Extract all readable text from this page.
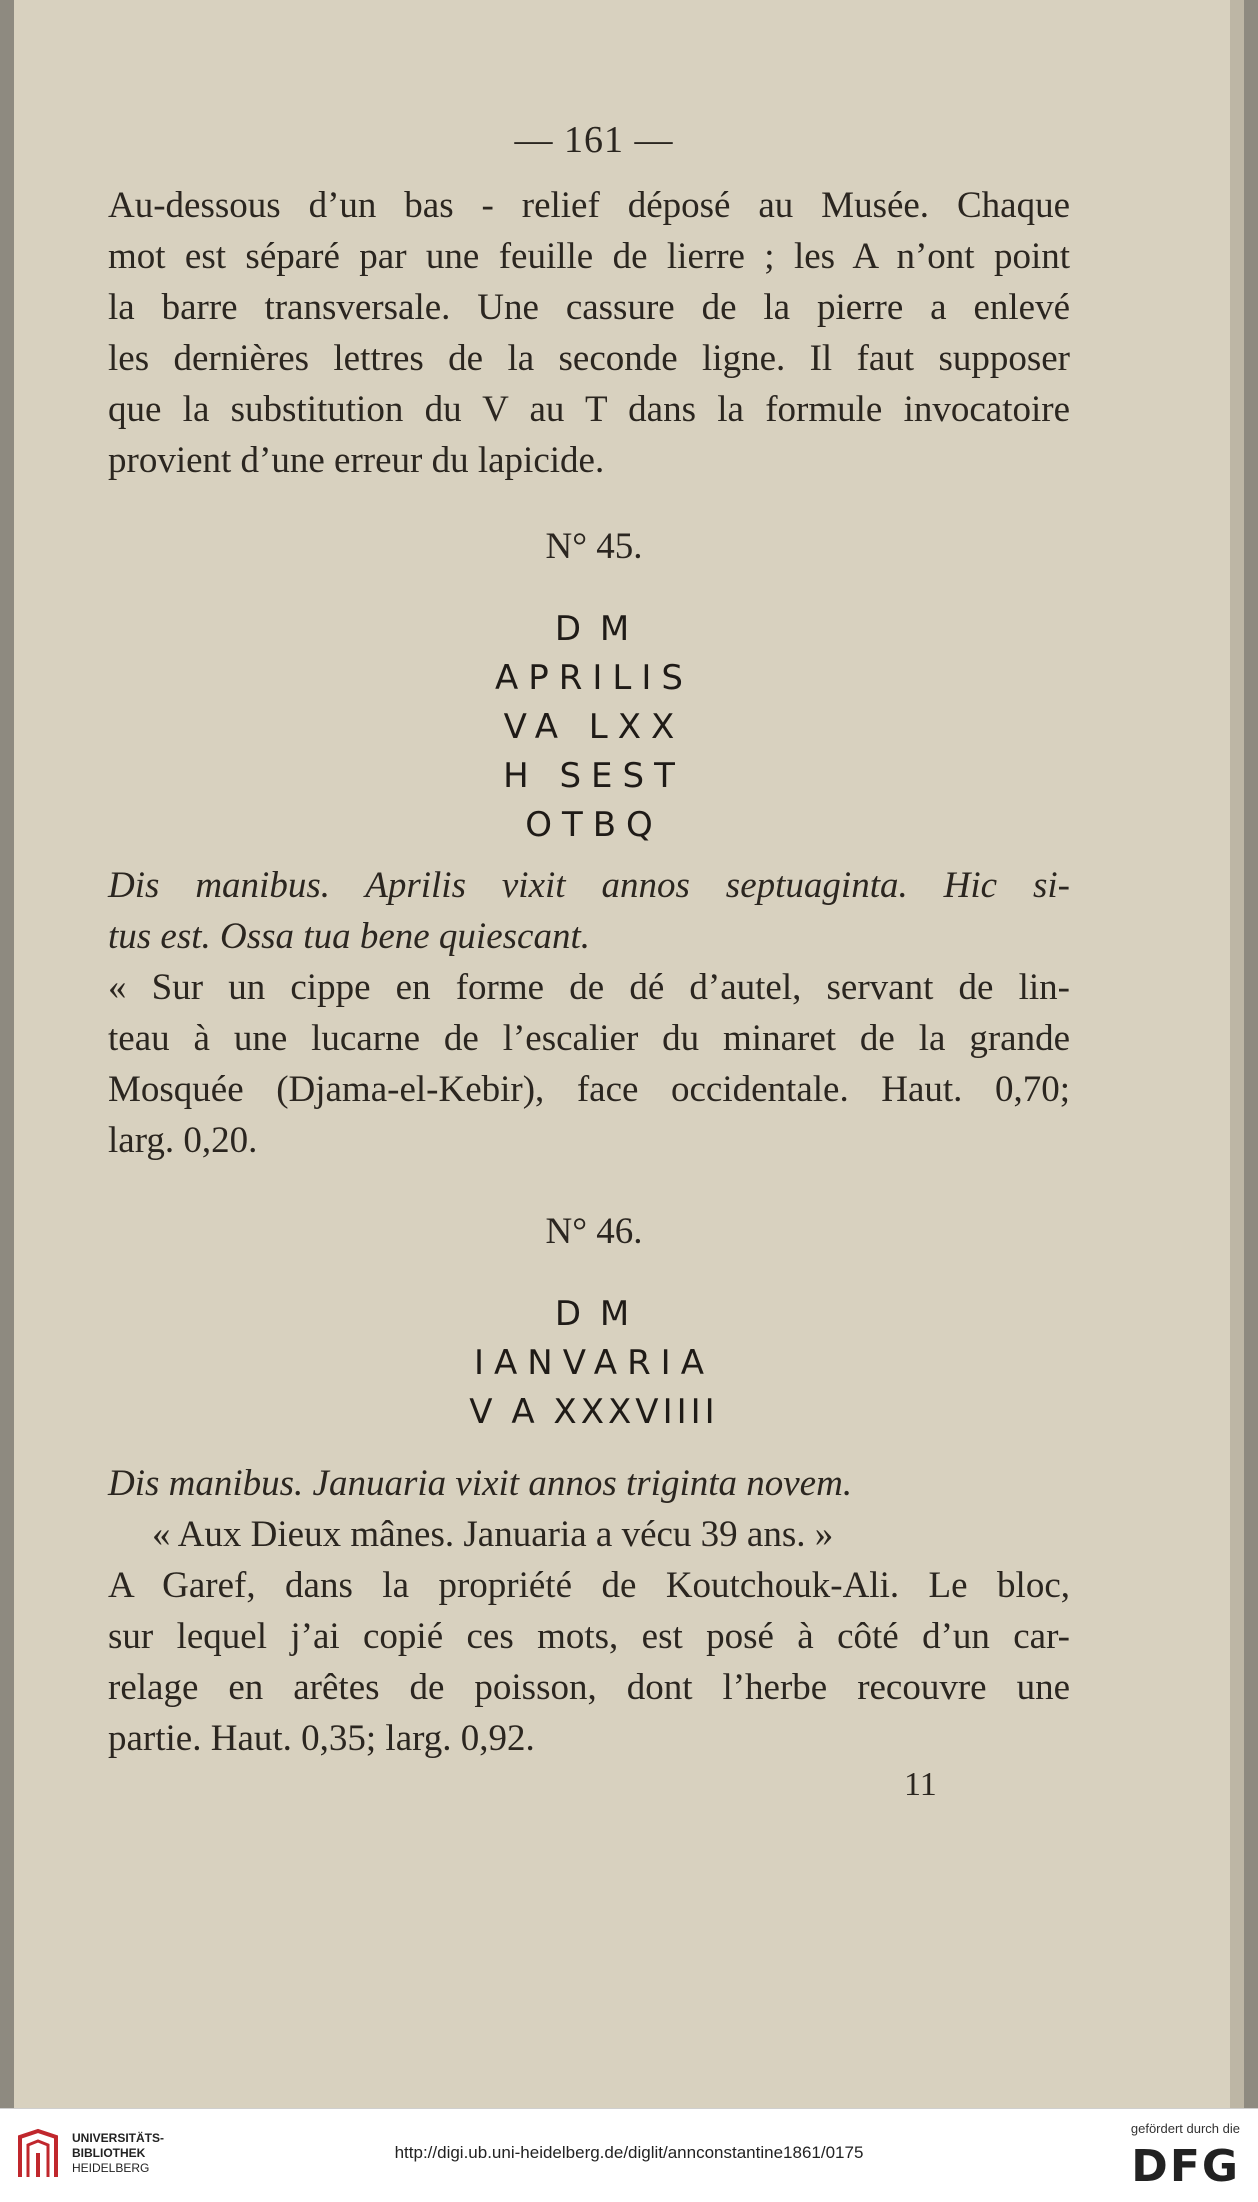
— 161 —

Au-dessous d’un bas - relief déposé au Musée. Chaque
mot est séparé par une feuille de lierre ; les A n’ont point
la barre transversale. Une cassure de la pierre a enlevé
les dernières lettres de la seconde ligne. Il faut supposer
que la substitution du V au T dans la formule invocatoire
provient d’une erreur du lapicide.

N° 45.

D M
APRILIS
VA LXX
H SEST
OTBQ

Dis manibus. Aprilis vixit annos septuaginta. Hic si-
tus est. Ossa tua bene quiescant.

« Sur un cippe en forme de dé d’autel, servant de lin-
teau à une lucarne de l’escalier du minaret de la grande
Mosquée (Djama-el-Kebir), face occidentale. Haut. 0,70;
larg. 0,20.

N° 46.

D M
IANVARIA
V A XXXVIIII

Dis manibus. Januaria vixit annos triginta novem.

« Aux Dieux mânes. Januaria a vécu 39 ans. »

A Garef, dans la propriété de Koutchouk-Ali. Le bloc,
sur lequel j’ai copié ces mots, est posé à côté d’un car-
relage en arêtes de poisson, dont l’herbe recouvre une
partie. Haut. 0,35; larg. 0,92.

11
UNIVERSITÄTS-
BIBLIOTHEK
HEIDELBERG
http://digi.ub.uni-heidelberg.de/diglit/annconstantine1861/0175
gefördert durch die
DFG
